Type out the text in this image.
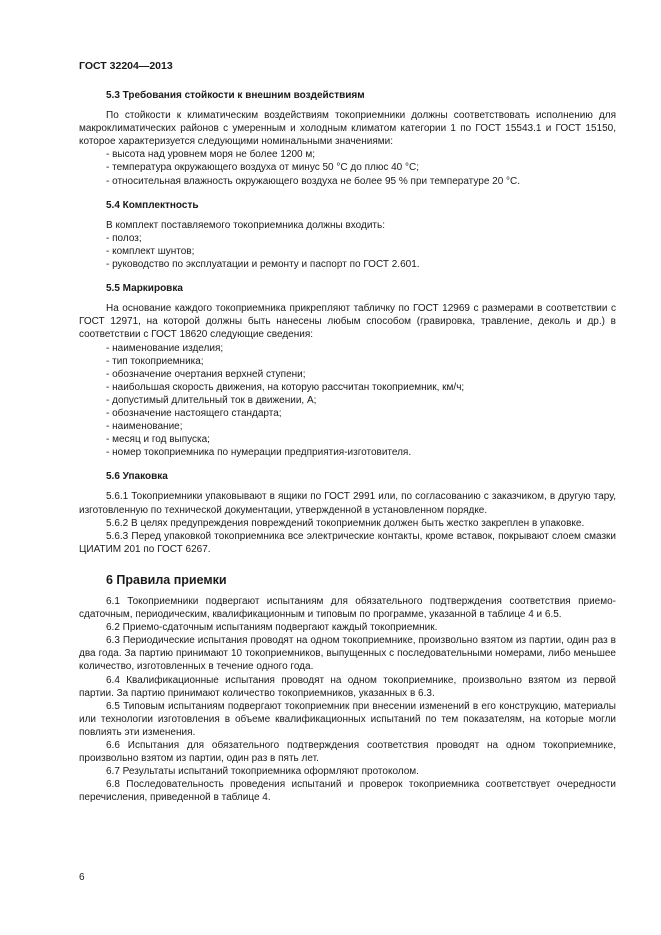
ГОСТ 32204—2013
5.3 Требования стойкости к внешним воздействиям

По стойкости к климатическим воздействиям токоприемники должны соответствовать исполнению для макроклиматических районов с умеренным и холодным климатом категории 1 по ГОСТ 15543.1 и ГОСТ 15150, которое характеризуется следующими номинальными значениями:

- высота над уровнем моря не более 1200 м;
- температура окружающего воздуха от минус 50 °С до плюс 40 °С;
- относительная влажность окружающего воздуха не более 95 % при температуре 20 °С.
5.4 Комплектность

В комплект поставляемого токоприемника должны входить:

- полоз;
- комплект шунтов;
- руководство по эксплуатации и ремонту и паспорт по ГОСТ 2.601.
5.5 Маркировка

На основание каждого токоприемника прикрепляют табличку по ГОСТ 12969 с размерами в соответствии с ГОСТ 12971, на которой должны быть нанесены любым способом (гравировка, травление, деколь и др.) в соответствии с ГОСТ 18620 следующие сведения:

- наименование изделия;
- тип токоприемника;
- обозначение очертания верхней ступени;
- наибольшая скорость движения, на которую рассчитан токоприемник, км/ч;
- допустимый длительный ток в движении, А;
- обозначение настоящего стандарта;
- наименование;
- месяц и год выпуска;
- номер токоприемника по нумерации предприятия-изготовителя.
5.6 Упаковка

5.6.1 Токоприемники упаковывают в ящики по ГОСТ 2991 или, по согласованию с заказчиком, в другую тару, изготовленную по технической документации, утвержденной в установленном порядке.

5.6.2 В целях предупреждения повреждений токоприемник должен быть жестко закреплен в упаковке.

5.6.3 Перед упаковкой токоприемника все электрические контакты, кроме вставок, покрывают слоем смазки ЦИАТИМ 201 по ГОСТ 6267.

6 Правила приемки

6.1 Токоприемники подвергают испытаниям для обязательного подтверждения соответствия приемо-сдаточным, периодическим, квалификационным и типовым по программе, указанной в таблице 4 и 6.5.

6.2 Приемо-сдаточным испытаниям подвергают каждый токоприемник.

6.3 Периодические испытания проводят на одном токоприемнике, произвольно взятом из партии, один раз в два года. За партию принимают 10 токоприемников, выпущенных с последовательными номерами, либо меньшее количество, изготовленных в течение одного года.

6.4 Квалификационные испытания проводят на одном токоприемнике, произвольно взятом из первой партии. За партию принимают количество токоприемников, указанных в 6.3.

6.5 Типовым испытаниям подвергают токоприемник при внесении изменений в его конструкцию, материалы или технологии изготовления в объеме квалификационных испытаний по тем показателям, на которые могли повлиять эти изменения.

6.6 Испытания для обязательного подтверждения соответствия проводят на одном токоприемнике, произвольно взятом из партии, один раз в пять лет.

6.7 Результаты испытаний токоприемника оформляют протоколом.

6.8 Последовательность проведения испытаний и проверок токоприемника соответствует очередности перечисления, приведенной в таблице 4.

6
